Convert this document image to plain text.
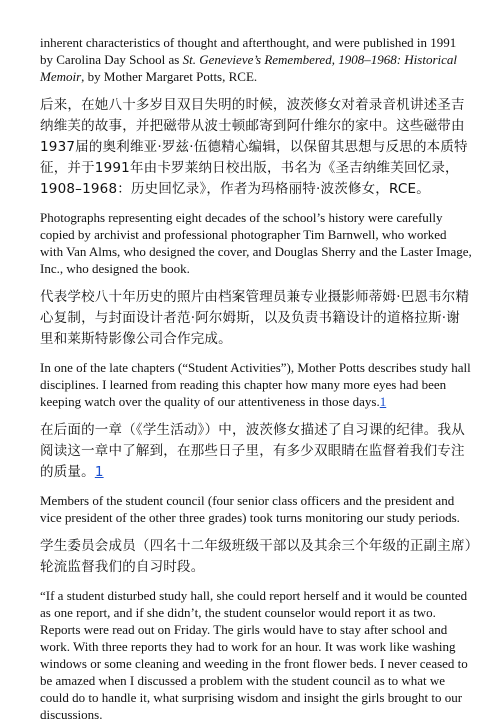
inherent characteristics of thought and afterthought, and were published in 1991 by Carolina Day School as St. Genevieve’s Remembered, 1908–1968: Historical Memoir, by Mother Margaret Potts, RCE.

后来，在她八十多岁目双目失明的时候，波茨修女对着录音机讲述圣吉纳维芙的故事，并把磁带从波士顿邮寄到阿什维尔的家中。这些磁带由1937届的奥利维亚·罗兹·伍德精心编辑，以保留其思想与反思的本质特征，并于1991年由卡罗莱纳日校出版，书名为《圣吉纳维芙回忆录，1908–1968：历史回忆录》，作者为玛格丽特·波茨修女，RCE。

Photographs representing eight decades of the school’s history were carefully copied by archivist and professional photographer Tim Barnwell, who worked with Van Alms, who designed the cover, and Douglas Sherry and the Laster Image, Inc., who designed the book.

代表学校八十年历史的照片由档案管理员兼专业摄影师蒂姆·巴恩韦尔精心复制，与封面设计者范·阿尔姆斯，以及负责书籍设计的道格拉斯·谢里和莱斯特影像公司合作完成。

In one of the late chapters (“Student Activities”), Mother Potts describes study hall disciplines. I learned from reading this chapter how many more eyes had been keeping watch over the quality of our attentiveness in those days.1

在后面的一章（《学生活动》）中，波茨修女描述了自习课的纪律。我从阅读这一章中了解到，在那些日子里，有多少双眼睛在监督着我们专注的质量。1

Members of the student council (four senior class officers and the president and vice president of the other three grades) took turns monitoring our study periods.

学生委员会成员（四名十二年级班级干部以及其余三个年级的正副主席）轮流监督我们的自习时段。

“If a student disturbed study hall, she could report herself and it would be counted as one report, and if she didn’t, the student counselor would report it as two. Reports were read out on Friday. The girls would have to stay after school and work. With three reports they had to work for an hour. It was work like washing windows or some cleaning and weeding in the front flower beds. I never ceased to be amazed when I discussed a problem with the student council as to what we could do to handle it, what surprising wisdom and insight the girls brought to our discussions.
